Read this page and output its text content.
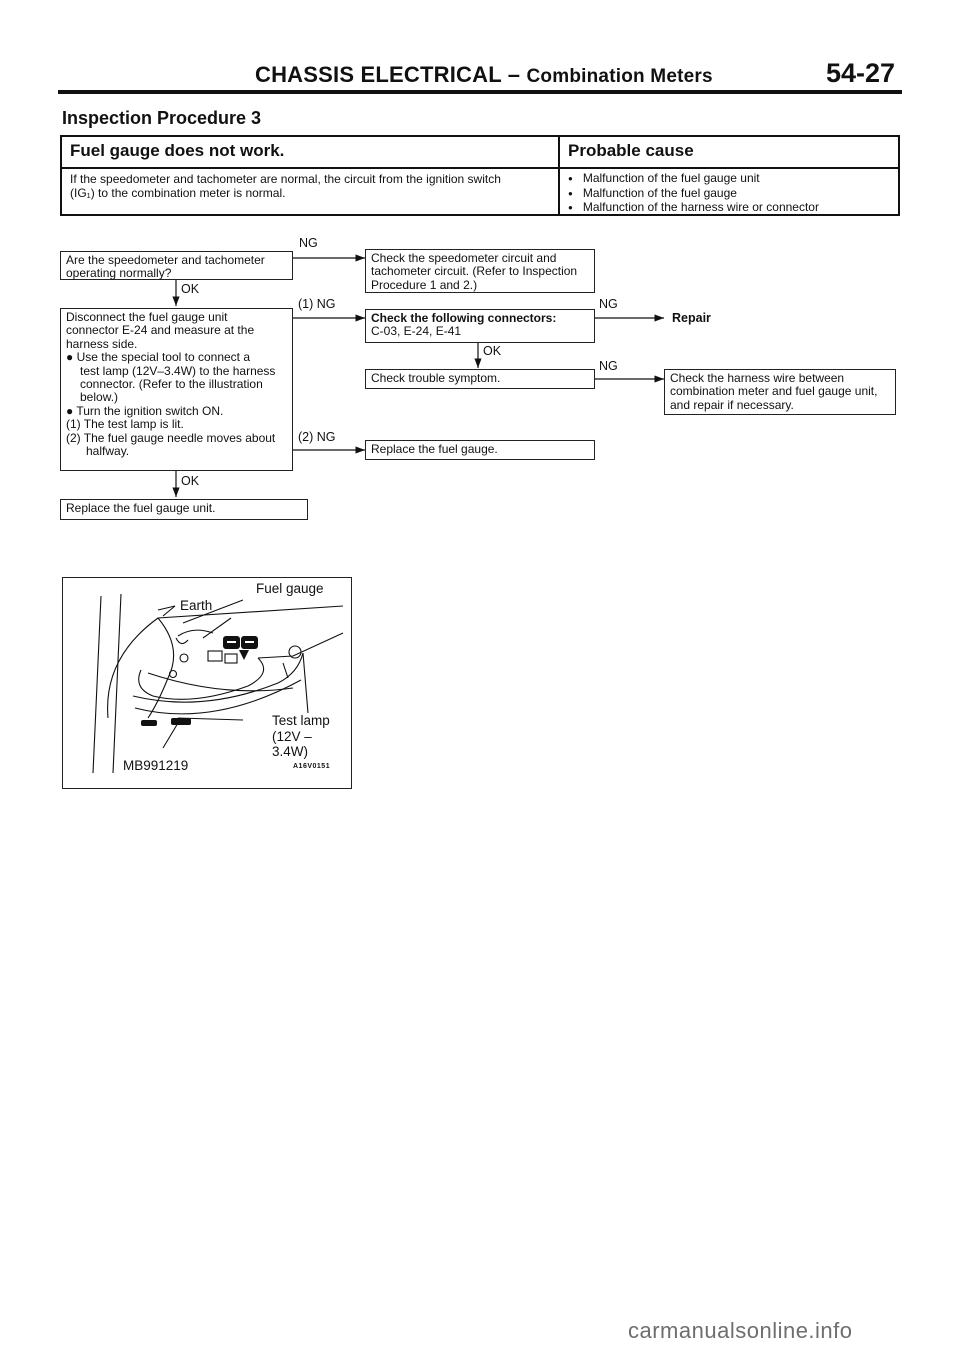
CHASSIS ELECTRICAL – Combination Meters	54-27
Inspection Procedure 3
Fuel gauge does not work.	Probable cause
If the speedometer and tachometer are normal, the circuit from the ignition switch
(IG₁) to the combination meter is normal.
● Malfunction of the fuel gauge unit
● Malfunction of the fuel gauge
● Malfunction of the harness wire or connector
Are the speedometer and tachometer
operating normally?
NG
Check the speedometer circuit and
tachometer circuit. (Refer to Inspection
Procedure 1 and 2.)
OK
Disconnect the fuel gauge unit
connector E-24 and measure at the
harness side.
● Use the special tool to connect a
test lamp (12V–3.4W) to the harness
connector. (Refer to the illustration
below.)
● Turn the ignition switch ON.
(1) The test lamp is lit.
(2) The fuel gauge needle moves about
halfway.
(1) NG
(2) NG
Check the following connectors:
C-03, E-24, E-41
NG
Repair
OK
Check trouble symptom.
NG
Check the harness wire between
combination meter and fuel gauge unit,
and repair if necessary.
Replace the fuel gauge.
OK
Replace the fuel gauge unit.
Fuel gauge
Earth
Test lamp
(12V – 3.4W)
MB991219	A16V0151
carmanualsonline.info
